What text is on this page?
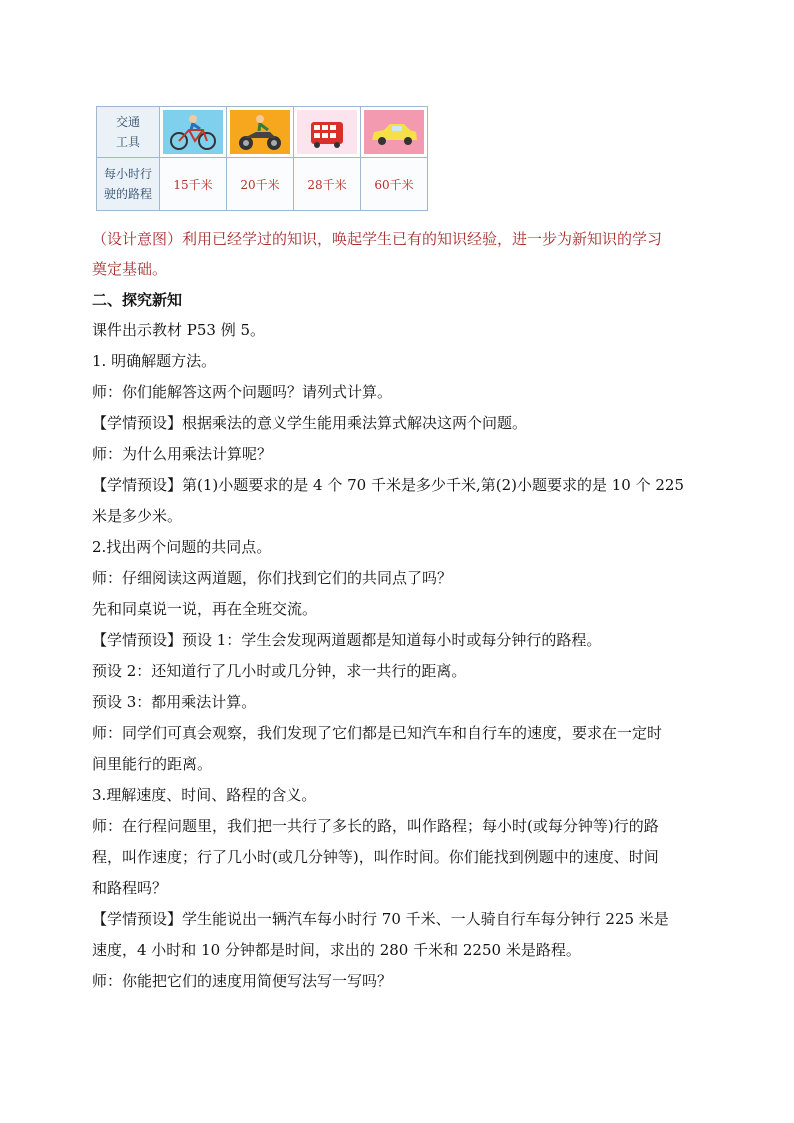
交通
工具

每小时行
驶的路程	15千米	20千米	28千米	60千米
（设计意图）利用已经学过的知识，唤起学生已有的知识经验，进一步为新知识的学习
奠定基础。
二、探究新知
课件出示教材 P53 例 5。
1. 明确解题方法。
师：你们能解答这两个问题吗？请列式计算。
【学情预设】根据乘法的意义学生能用乘法算式解决这两个问题。
师：为什么用乘法计算呢？
【学情预设】第(1)小题要求的是 4 个 70 千米是多少千米,第(2)小题要求的是 10 个 225
米是多少米。
2.找出两个问题的共同点。
师：仔细阅读这两道题，你们找到它们的共同点了吗？
先和同桌说一说，再在全班交流。
【学情预设】预设 1：学生会发现两道题都是知道每小时或每分钟行的路程。
预设 2：还知道行了几小时或几分钟，求一共行的距离。
预设 3：都用乘法计算。
师：同学们可真会观察，我们发现了它们都是已知汽车和自行车的速度，要求在一定时
间里能行的距离。
3.理解速度、时间、路程的含义。
师：在行程问题里，我们把一共行了多长的路，叫作路程；每小时(或每分钟等)行的路
程，叫作速度；行了几小时(或几分钟等)，叫作时间。你们能找到例题中的速度、时间
和路程吗？
【学情预设】学生能说出一辆汽车每小时行 70 千米、一人骑自行车每分钟行 225 米是
速度，4 小时和 10 分钟都是时间，求出的 280 千米和 2250 米是路程。
师：你能把它们的速度用简便写法写一写吗？
